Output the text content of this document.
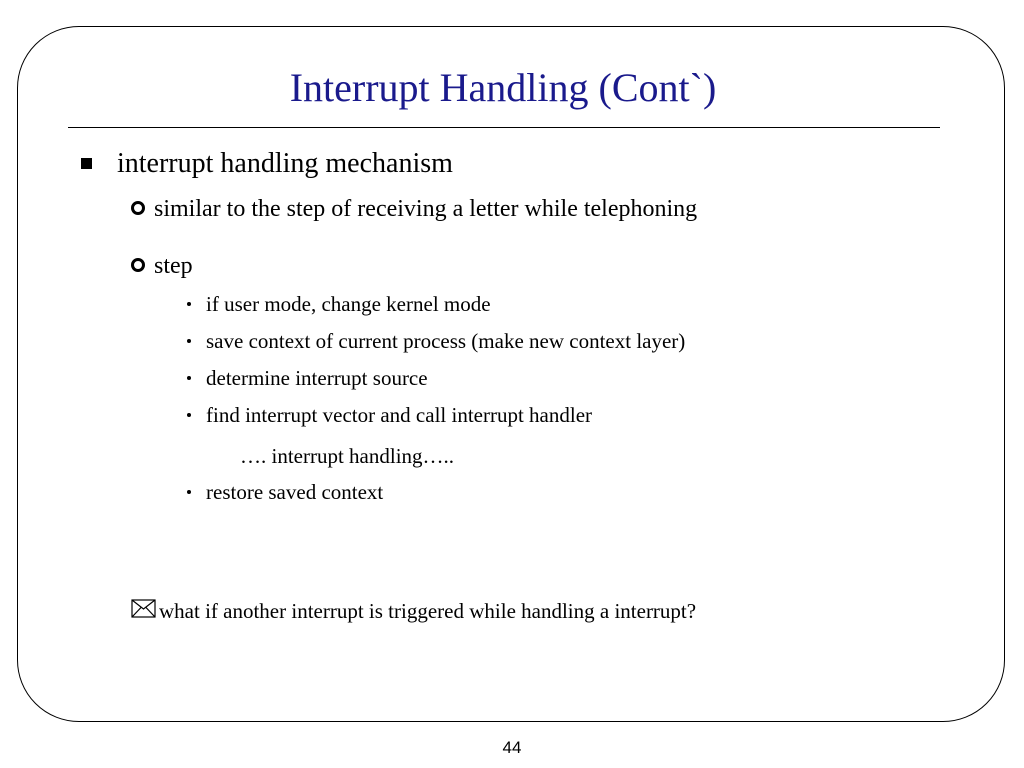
Interrupt Handling (Cont`)
interrupt handling mechanism
similar to the step of receiving a letter while telephoning
step
if user mode, change kernel mode
save context of current process (make new context layer)
determine interrupt source
find interrupt vector and call interrupt handler
…. interrupt handling…..
restore saved context
what if another interrupt is triggered while handling a interrupt?
44
